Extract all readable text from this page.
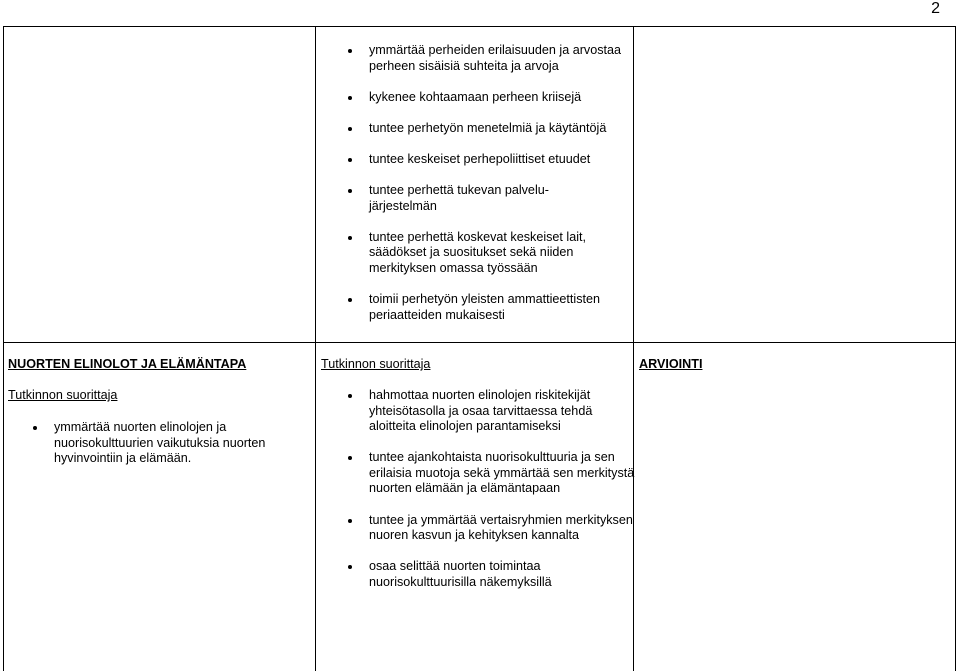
2
ymmärtää perheiden erilaisuuden ja arvostaa perheen sisäisiä suhteita ja arvoja
kykenee kohtaamaan perheen kriisejä
tuntee perhetyön menetelmiä ja käytäntöjä
tuntee keskeiset perhepoliittiset etuudet
tuntee perhettä tukevan palvelu-
järjestelmän
tuntee perhettä koskevat keskeiset lait, säädökset ja suositukset sekä niiden merkityksen omassa työssään
toimii perhetyön yleisten ammattieettisten periaatteiden mukaisesti
NUORTEN ELINOLOT JA ELÄMÄNTAPA	Tutkinnon suorittaja	ARVIOINTI
Tutkinnon suorittaja
ymmärtää nuorten elinolojen ja nuorisokulttuurien vaikutuksia nuorten hyvinvointiin ja elämään.
hahmottaa nuorten elinolojen riskitekijät yhteisötasolla ja osaa tarvittaessa tehdä aloitteita elinolojen parantamiseksi
tuntee ajankohtaista nuorisokulttuuria ja sen erilaisia muotoja sekä ymmärtää sen merkitystä nuorten elämään ja elämäntapaan
tuntee ja ymmärtää vertaisryhmien merkityksen nuoren kasvun ja kehityksen kannalta
osaa selittää nuorten toimintaa nuorisokulttuurisilla näkemyksillä
